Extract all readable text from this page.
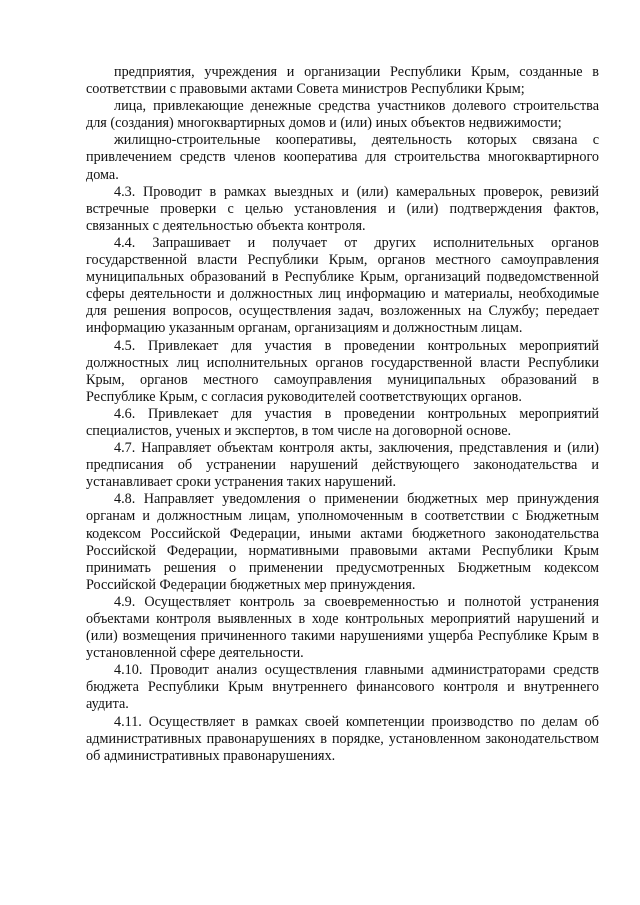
предприятия, учреждения и организации Республики Крым, созданные в соответствии с правовыми актами Совета министров Республики Крым;

лица, привлекающие денежные средства участников долевого строительства для (создания) многоквартирных домов и (или) иных объектов недвижимости;

жилищно-строительные кооперативы, деятельность которых связана с привлечением средств членов кооператива для строительства многоквартирного дома.

4.3. Проводит в рамках выездных и (или) камеральных проверок, ревизий встречные проверки с целью установления и (или) подтверждения фактов, связанных с деятельностью объекта контроля.

4.4. Запрашивает и получает от других исполнительных органов государственной власти Республики Крым, органов местного самоуправления муниципальных образований в Республике Крым, организаций подведомственной сферы деятельности и должностных лиц информацию и материалы, необходимые для решения вопросов, осуществления задач, возложенных на Службу; передает информацию указанным органам, организациям и должностным лицам.

4.5. Привлекает для участия в проведении контрольных мероприятий должностных лиц исполнительных органов государственной власти Республики Крым, органов местного самоуправления муниципальных образований в Республике Крым, с согласия руководителей соответствующих органов.

4.6. Привлекает для участия в проведении контрольных мероприятий специалистов, ученых и экспертов, в том числе на договорной основе.

4.7. Направляет объектам контроля акты, заключения, представления и (или) предписания об устранении нарушений действующего законодательства и устанавливает сроки устранения таких нарушений.

4.8. Направляет уведомления о применении бюджетных мер принуждения органам и должностным лицам, уполномоченным в соответствии с Бюджетным кодексом Российской Федерации, иными актами бюджетного законодательства Российской Федерации, нормативными правовыми актами Республики Крым принимать решения о применении предусмотренных Бюджетным кодексом Российской Федерации бюджетных мер принуждения.

4.9. Осуществляет контроль за своевременностью и полнотой устранения объектами контроля выявленных в ходе контрольных мероприятий нарушений и (или) возмещения причиненного такими нарушениями ущерба Республике Крым в установленной сфере деятельности.

4.10. Проводит анализ осуществления главными администраторами средств бюджета Республики Крым внутреннего финансового контроля и внутреннего аудита.

4.11. Осуществляет в рамках своей компетенции производство по делам об административных правонарушениях в порядке, установленном законодательством об административных правонарушениях.
